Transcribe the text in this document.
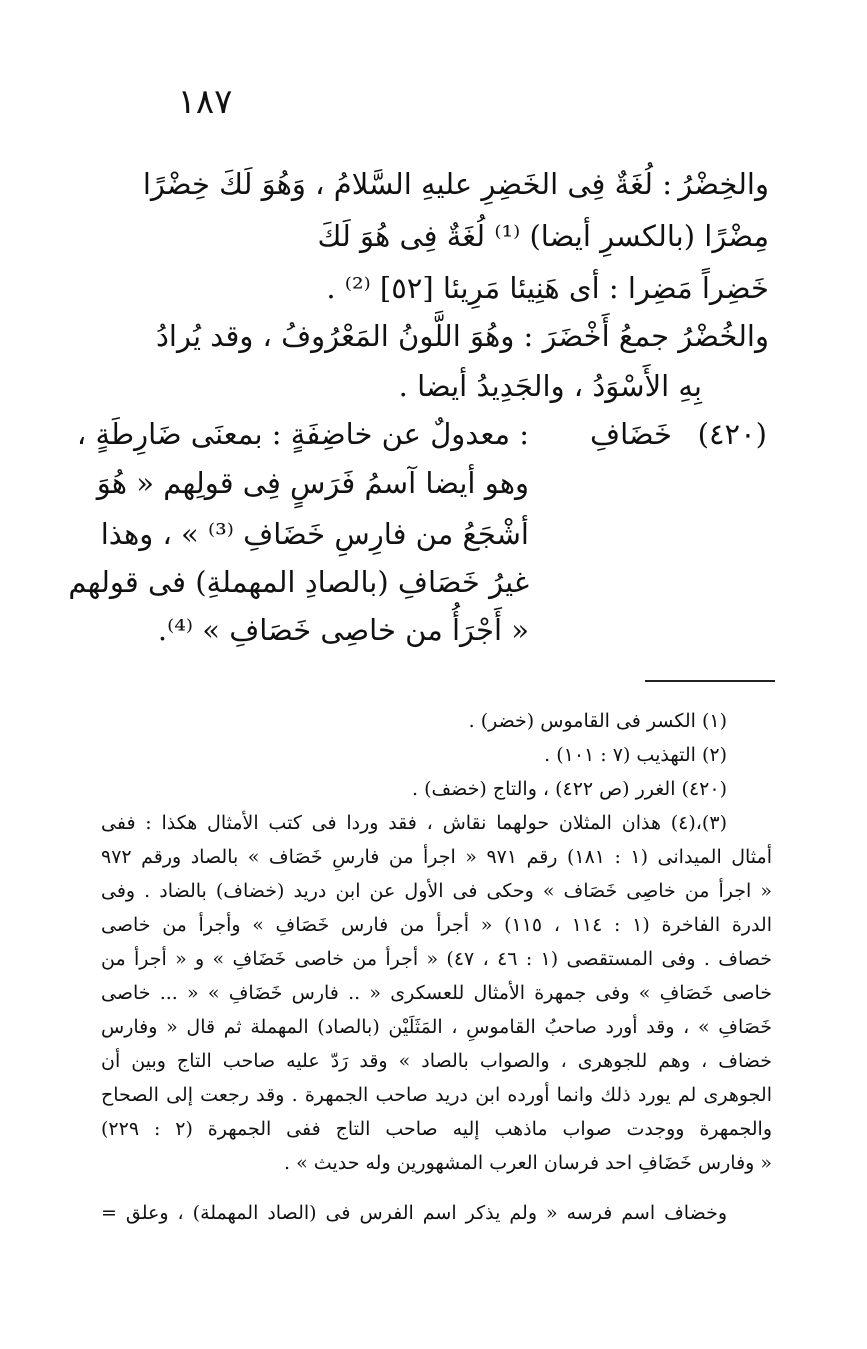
١٨٧
والخِضْرُ
: لُغَةٌ فِى الخَضِرِ عليهِ السَّلامُ ، وَهُوَ لَكَ خِضْرًا
مِضْرًا (بالكسرِ أيضا) ⁽¹⁾ لُغَةٌ فِى هُوَ لَكَ
خَضِراً مَضِرا : أى هَنِيئا مَرِيئا [٥٢] ⁽²⁾ .
والخُضْرُ جمعُ أَخْضَرَ : وهُوَ اللَّونُ المَعْرُوفُ ، وقد يُرادُ
بِهِ الأَسْوَدُ ، والجَدِيدُ أيضا .
(٤٢٠)
خَضَافِ
: معدولٌ عن خاضِفَةٍ : بمعنَى ضَارِطَةٍ ،
وهو أيضا آسمُ فَرَسٍ فِى قولِهم « هُوَ
أشْجَعُ من فارِسِ خَضَافِ ⁽³⁾ » ، وهذا
غيرُ خَصَافِ (بالصادِ المهملةِ) فى قولهم
« أَجْرَأُ من خاصِى خَصَافِ » ⁽⁴⁾.
(١) الكسر فى القاموس (خضر) .
(٢) التهذيب (٧ : ١٠١) .
(٤٢٠) الغرر (ص ٤٢٢) ، والتاج (خضف) .
(٣)،(٤) هذان المثلان حولهما نقاش ، فقد وردا فى كتب الأمثال هكذا : ففى
أمثال الميدانى (١ : ١٨١) رقم ٩٧١ « اجرأ من فارسِ خَصَاف » بالصاد ورقم ٩٧٢
« اجرأ من خاصِى خَصَاف » وحكى فى الأول عن ابن دريد (خضاف) بالضاد . وفى
الدرة الفاخرة (١ : ١١٤ ، ١١٥) « أجرأ من فارس خَصَافِ » وأجرأ من خاصى
خصاف . وفى المستقصى (١ : ٤٦ ، ٤٧) « أجرأ من خاصى خَضَافِ » و « أجرأ من
خاصى خَصَافِ » وفى جمهرة الأمثال للعسكرى « .. فارس خَضَافِ » « ... خاصى
خَصَافِ » ، وقد أورد صاحبُ القاموسِ ، المَثَلَيْن (بالصاد) المهملة ثم قال « وفارس
خضاف ، وهم للجوهرى ، والصواب بالصاد » وقد رَدّ عليه صاحب التاج وبين أن
الجوهرى لم يورد ذلك وانما أورده ابن دريد صاحب الجمهرة . وقد رجعت إلى الصحاح
والجمهرة ووجدت صواب ماذهب إليه صاحب التاج ففى الجمهرة (٢ : ٢٢٩)
« وفارس خَضَافِ احد فرسان العرب المشهورين وله حديث » .
وخضاف اسم فرسه « ولم يذكر اسم الفرس فى (الصاد المهملة) ، وعلق =
